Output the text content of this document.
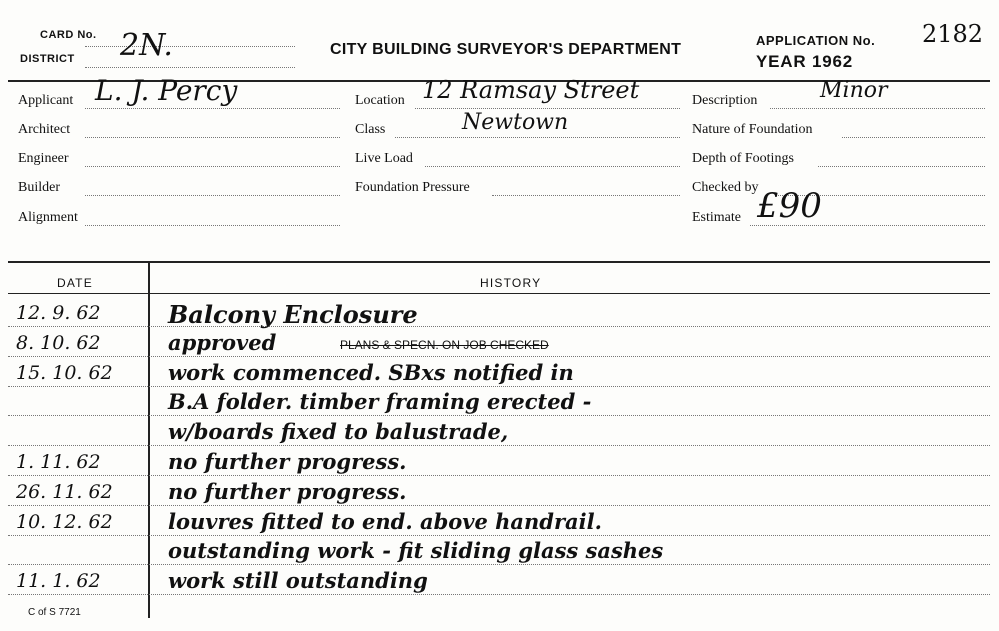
CARD No.
DISTRICT 2N.	CITY BUILDING SURVEYOR'S DEPARTMENT
APPLICATION No. 2182
YEAR 1962
Applicant L. J. Percy
Architect
Engineer
Builder
Alignment
Location 12 Ramsay Street
Class	Newtown
Live Load
Foundation Pressure
Description	Minor
Nature of Foundation
Depth of Footings
Checked by
Estimate £90
DATE	HISTORY
12. 9. 62	Balcony Enclosure
8. 10. 62	approved	PLANS & SPECN. ON JOB CHECKED
15. 10. 62	work commenced. SBxs notified in
B.A folder. timber framing erected -
w/boards fixed to balustrade,
1. 11. 62	no further progress.
26. 11. 62	no further progress.
10. 12. 62	louvres fitted to end. above handrail.
outstanding work - fit sliding glass sashes
11. 1. 62	work still outstanding
C of S 7721
